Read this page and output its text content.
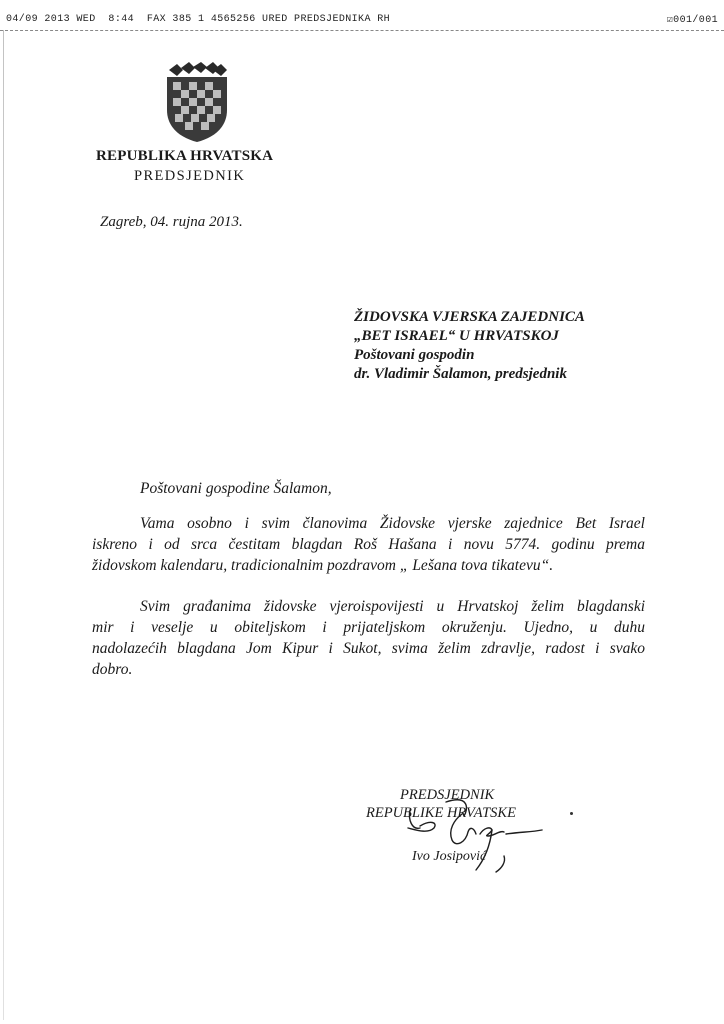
04/09 2013 WED  8:44  FAX 385 1 4565256 URED PREDSJEDNIKA RH	☑001/001
REPUBLIKA HRVATSKA
PREDSJEDNIK
Zagreb, 04. rujna 2013.
ŽIDOVSKA VJERSKA ZAJEDNICA
„BET ISRAEL“ U HRVATSKOJ
Poštovani gospodin
dr. Vladimir Šalamon, predsjednik
Poštovani gospodine Šalamon,
Vama osobno i svim članovima Židovske vjerske zajednice Bet Israel
iskreno i od srca čestitam blagdan Roš Hašana i novu 5774. godinu prema
židovskom kalendaru, tradicionalnim pozdravom „ Lešana tova tikatevu“.
Svim građanima židovske vjeroispovijesti u Hrvatskoj želim blagdanski
mir i veselje u obiteljskom i prijateljskom okruženju. Ujedno, u duhu
nadolazećih blagdana Jom Kipur i Sukot, svima želim zdravlje, radost i svako
dobro.
PREDSJEDNIK
REPUBLIKE HRVATSKE
Ivo Josipović
